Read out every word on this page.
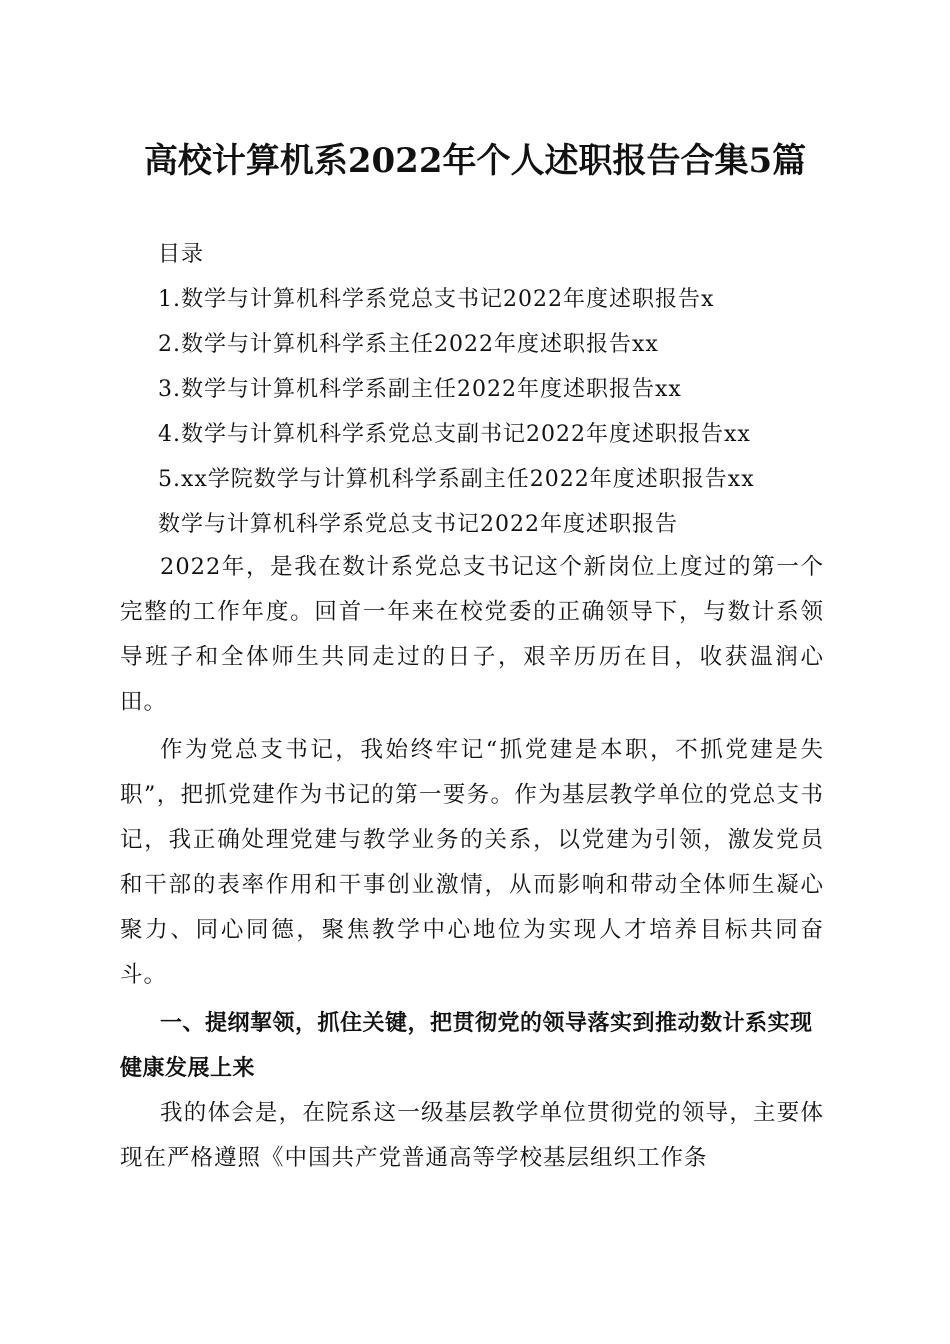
高校计算机系2022年个人述职报告合集5篇
目录
1.数学与计算机科学系党总支书记2022年度述职报告x
2.数学与计算机科学系主任2022年度述职报告xx
3.数学与计算机科学系副主任2022年度述职报告xx
4.数学与计算机科学系党总支副书记2022年度述职报告xx
5.xx学院数学与计算机科学系副主任2022年度述职报告xx
数学与计算机科学系党总支书记2022年度述职报告

2022年，是我在数计系党总支书记这个新岗位上度过的第一个完整的工作年度。回首一年来在校党委的正确领导下，与数计系领导班子和全体师生共同走过的日子，艰辛历历在目，收获温润心田。

作为党总支书记，我始终牢记“抓党建是本职，不抓党建是失职”，把抓党建作为书记的第一要务。作为基层教学单位的党总支书记，我正确处理党建与教学业务的关系，以党建为引领，激发党员和干部的表率作用和干事创业激情，从而影响和带动全体师生凝心聚力、同心同德，聚焦教学中心地位为实现人才培养目标共同奋斗。

一、提纲挈领，抓住关键，把贯彻党的领导落实到推动数计系实现健康发展上来

我的体会是，在院系这一级基层教学单位贯彻党的领导，主要体现在严格遵照《中国共产党普通高等学校基层组织工作条
